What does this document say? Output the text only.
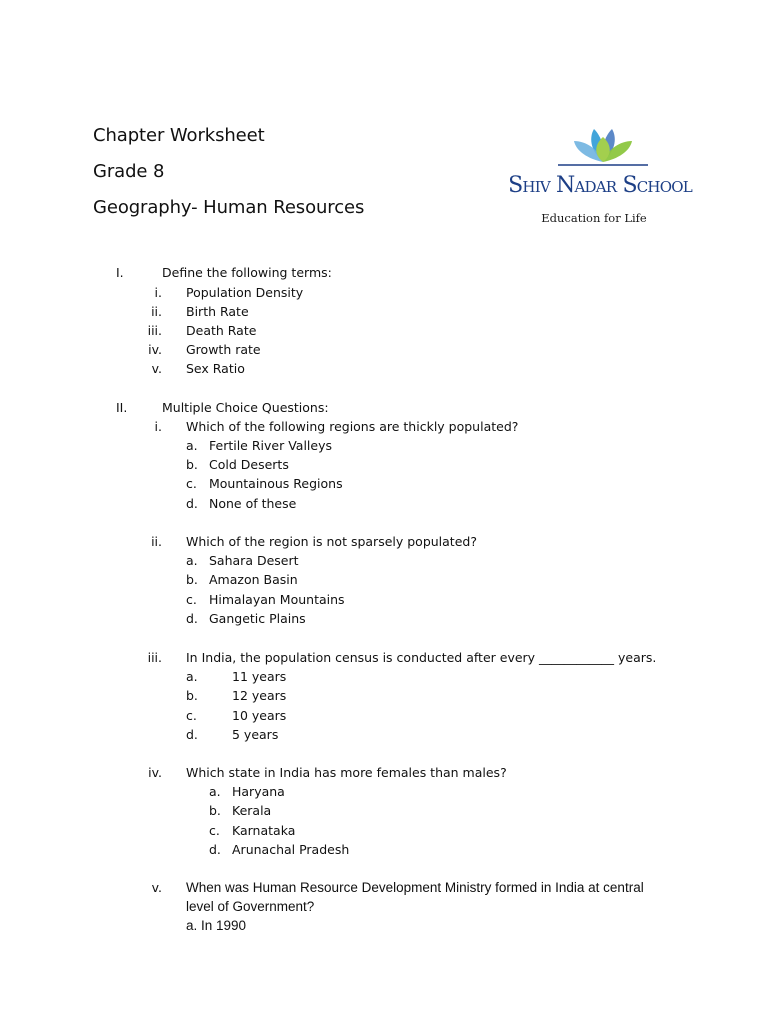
Chapter Worksheet
Grade 8
Geography- Human Resources
Shiv Nadar School
Education for Life
I.	Define the following terms:
i. Population Density
ii. Birth Rate
iii. Death Rate
iv. Growth rate
v. Sex Ratio
II.	Multiple Choice Questions:
i. Which of the following regions are thickly populated?
a. Fertile River Valleys
b. Cold Deserts
c. Mountainous Regions
d. None of these
ii. Which of the region is not sparsely populated?
a. Sahara Desert
b. Amazon Basin
c. Himalayan Mountains
d. Gangetic Plains
iii. In India, the population census is conducted after every ____________ years.
a.	11 years
b.	12 years
c.	10 years
d.	5 years
iv. Which state in India has more females than males?
a. Haryana
b. Kerala
c. Karnataka
d. Arunachal Pradesh
v. When was Human Resource Development Ministry formed in India at central
level of Government?
a. In 1990
